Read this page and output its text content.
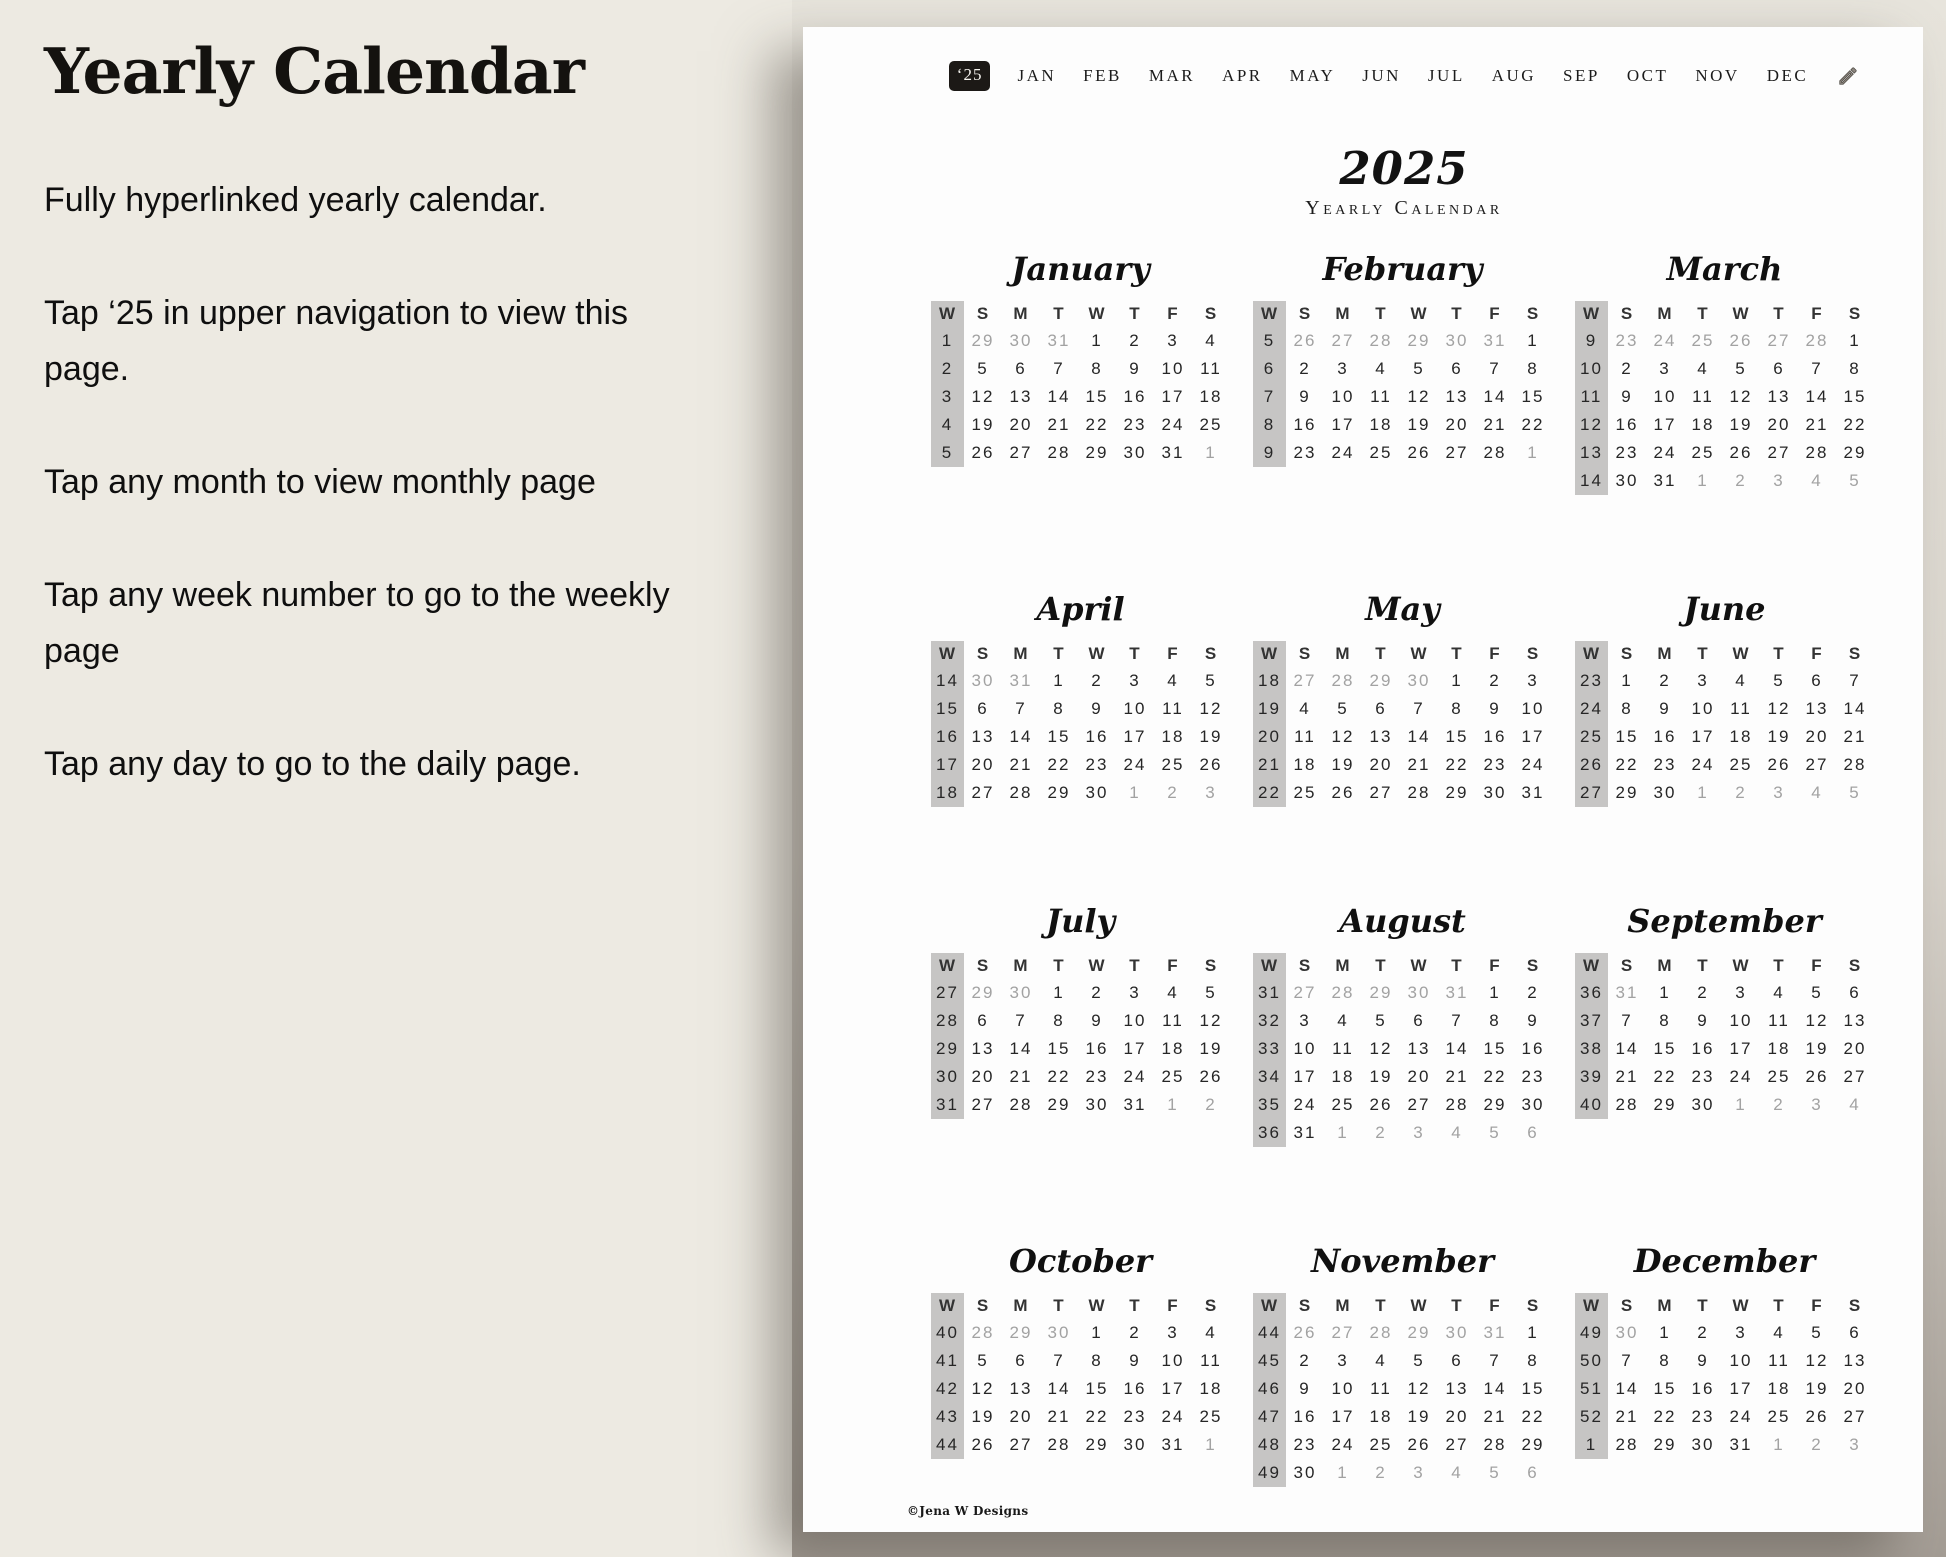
Yearly Calendar

Fully hyperlinked yearly calendar.

Tap ‘25 in upper navigation to view this page.

Tap any month to view monthly page

Tap any week number to go to the weekly page

Tap any day to go to the daily page.

‘25	JAN FEB MAR APR MAY JUN JUL AUG SEP OCT NOV DEC
2025
Yearly Calendar
January
W	S	M	T	W	T	F	S
1	29	30	31	1	2	3	4
2	5	6	7	8	9	10	11
3	12	13	14	15	16	17	18
4	19	20	21	22	23	24	25
5	26	27	28	29	30	31	1
February
W	S	M	T	W	T	F	S
5	26	27	28	29	30	31	1
6	2	3	4	5	6	7	8
7	9	10	11	12	13	14	15
8	16	17	18	19	20	21	22
9	23	24	25	26	27	28	1
March
W	S	M	T	W	T	F	S
9	23	24	25	26	27	28	1
10	2	3	4	5	6	7	8
11	9	10	11	12	13	14	15
12	16	17	18	19	20	21	22
13	23	24	25	26	27	28	29
14	30	31	1	2	3	4	5
April
W	S	M	T	W	T	F	S
14	30	31	1	2	3	4	5
15	6	7	8	9	10	11	12
16	13	14	15	16	17	18	19
17	20	21	22	23	24	25	26
18	27	28	29	30	1	2	3
May
W	S	M	T	W	T	F	S
18	27	28	29	30	1	2	3
19	4	5	6	7	8	9	10
20	11	12	13	14	15	16	17
21	18	19	20	21	22	23	24
22	25	26	27	28	29	30	31
June
W	S	M	T	W	T	F	S
23	1	2	3	4	5	6	7
24	8	9	10	11	12	13	14
25	15	16	17	18	19	20	21
26	22	23	24	25	26	27	28
27	29	30	1	2	3	4	5
July
W	S	M	T	W	T	F	S
27	29	30	1	2	3	4	5
28	6	7	8	9	10	11	12
29	13	14	15	16	17	18	19
30	20	21	22	23	24	25	26
31	27	28	29	30	31	1	2
August
W	S	M	T	W	T	F	S
31	27	28	29	30	31	1	2
32	3	4	5	6	7	8	9
33	10	11	12	13	14	15	16
34	17	18	19	20	21	22	23
35	24	25	26	27	28	29	30
36	31	1	2	3	4	5	6
September
W	S	M	T	W	T	F	S
36	31	1	2	3	4	5	6
37	7	8	9	10	11	12	13
38	14	15	16	17	18	19	20
39	21	22	23	24	25	26	27
40	28	29	30	1	2	3	4
October
W	S	M	T	W	T	F	S
40	28	29	30	1	2	3	4
41	5	6	7	8	9	10	11
42	12	13	14	15	16	17	18
43	19	20	21	22	23	24	25
44	26	27	28	29	30	31	1
November
W	S	M	T	W	T	F	S
44	26	27	28	29	30	31	1
45	2	3	4	5	6	7	8
46	9	10	11	12	13	14	15
47	16	17	18	19	20	21	22
48	23	24	25	26	27	28	29
49	30	1	2	3	4	5	6
December
W	S	M	T	W	T	F	S
49	30	1	2	3	4	5	6
50	7	8	9	10	11	12	13
51	14	15	16	17	18	19	20
52	21	22	23	24	25	26	27
1	28	29	30	31	1	2	3
©Jena W Designs
